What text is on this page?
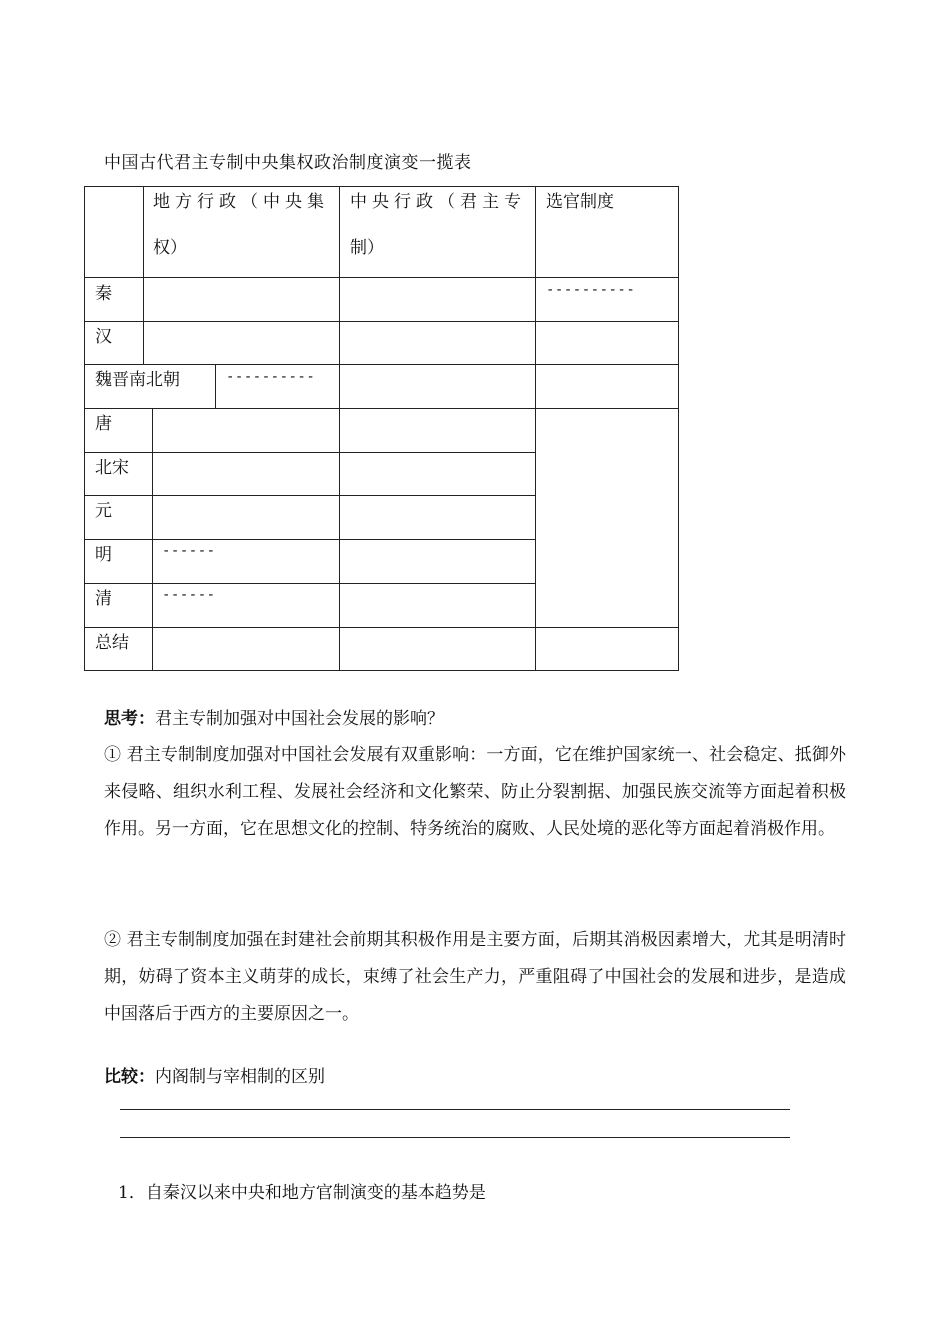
中国古代君主专制中央集权政治制度演变一揽表
地方行政（中央集
权）
中央行政（君主专
制）
选官制度
秦
汉
魏晋南北朝
唐
北宋
元
明
清
总结
----------
----------
------
------
思考：君主专制加强对中国社会发展的影响？
① 君主专制制度加强对中国社会发展有双重影响：一方面，它在维护国家统一、社会稳定、抵御外来侵略、组织水利工程、发展社会经济和文化繁荣、防止分裂割据、加强民族交流等方面起着积极作用。另一方面，它在思想文化的控制、特务统治的腐败、人民处境的恶化等方面起着消极作用。
② 君主专制制度加强在封建社会前期其积极作用是主要方面，后期其消极因素增大，尤其是明清时期，妨碍了资本主义萌芽的成长，束缚了社会生产力，严重阻碍了中国社会的发展和进步，是造成中国落后于西方的主要原因之一。
比较：内阁制与宰相制的区别
1．自秦汉以来中央和地方官制演变的基本趋势是
